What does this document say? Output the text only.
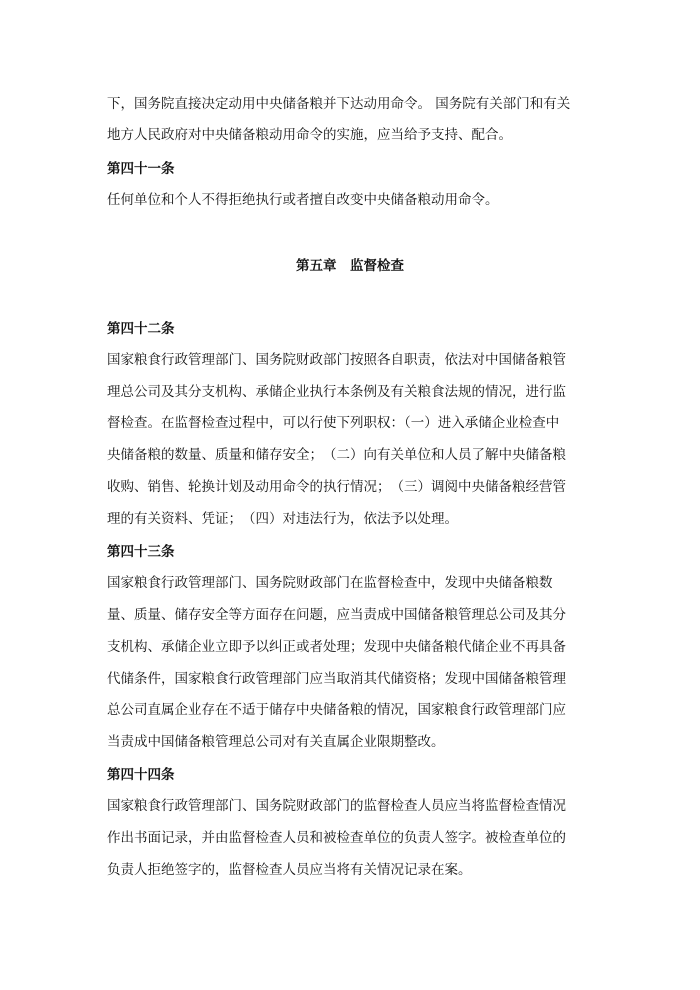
下，国务院直接决定动用中央储备粮并下达动用命令。 国务院有关部门和有关
地方人民政府对中央储备粮动用命令的实施，应当给予支持、配合。
第四十一条
任何单位和个人不得拒绝执行或者擅自改变中央储备粮动用命令。
第五章　监督检查
第四十二条
国家粮食行政管理部门、国务院财政部门按照各自职责，依法对中国储备粮管
理总公司及其分支机构、承储企业执行本条例及有关粮食法规的情况，进行监
督检查。在监督检查过程中，可以行使下列职权：（一）进入承储企业检查中
央储备粮的数量、质量和储存安全；　（二）向有关单位和人员了解中央储备粮
收购、销售、轮换计划及动用命令的执行情况；　（三）调阅中央储备粮经营管
理的有关资料、凭证；　（四）对违法行为，依法予以处理。
第四十三条
国家粮食行政管理部门、国务院财政部门在监督检查中，发现中央储备粮数
量、质量、储存安全等方面存在问题，应当责成中国储备粮管理总公司及其分
支机构、承储企业立即予以纠正或者处理；发现中央储备粮代储企业不再具备
代储条件，国家粮食行政管理部门应当取消其代储资格；发现中国储备粮管理
总公司直属企业存在不适于储存中央储备粮的情况，国家粮食行政管理部门应
当责成中国储备粮管理总公司对有关直属企业限期整改。
第四十四条
国家粮食行政管理部门、国务院财政部门的监督检查人员应当将监督检查情况
作出书面记录，并由监督检查人员和被检查单位的负责人签字。被检查单位的
负责人拒绝签字的，监督检查人员应当将有关情况记录在案。
